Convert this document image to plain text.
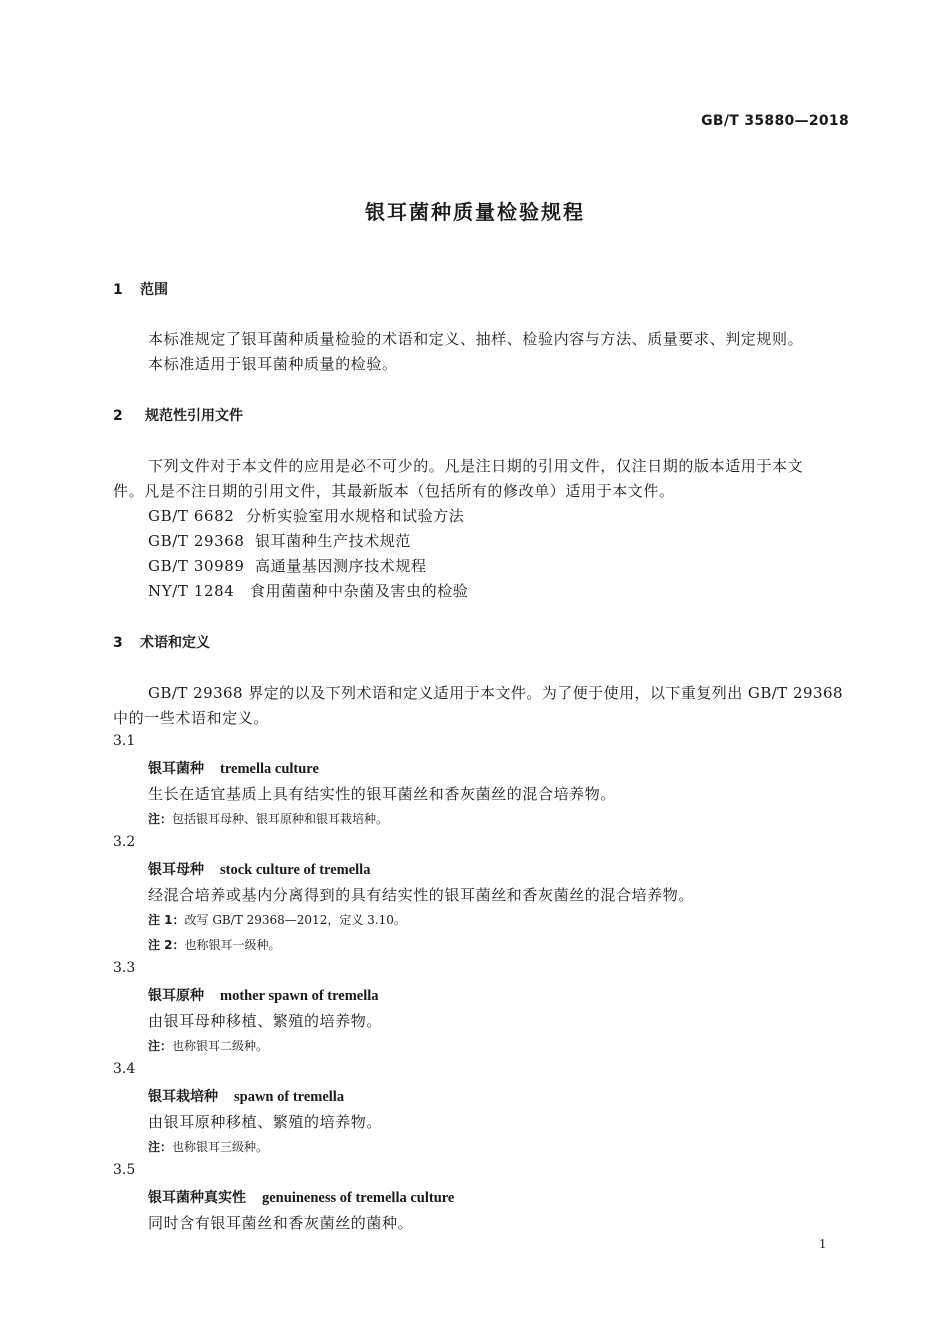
GB/T 35880—2018
银耳菌种质量检验规程
1 范围
本标准规定了银耳菌种质量检验的术语和定义、抽样、检验内容与方法、质量要求、判定规则。
本标准适用于银耳菌种质量的检验。
2 规范性引用文件
下列文件对于本文件的应用是必不可少的。凡是注日期的引用文件，仅注日期的版本适用于本文
件。凡是不注日期的引用文件，其最新版本（包括所有的修改单）适用于本文件。
GB/T 6682 分析实验室用水规格和试验方法
GB/T 29368 银耳菌种生产技术规范
GB/T 30989 高通量基因测序技术规程
NY/T 1284 食用菌菌种中杂菌及害虫的检验
3 术语和定义
GB/T 29368 界定的以及下列术语和定义适用于本文件。为了便于使用，以下重复列出 GB/T 29368
中的一些术语和定义。
3.1
银耳菌种 tremella culture
生长在适宜基质上具有结实性的银耳菌丝和香灰菌丝的混合培养物。
注：包括银耳母种、银耳原种和银耳栽培种。
3.2
银耳母种 stock culture of tremella
经混合培养或基内分离得到的具有结实性的银耳菌丝和香灰菌丝的混合培养物。
注 1：改写 GB/T 29368—2012，定义 3.10。
注 2：也称银耳一级种。
3.3
银耳原种 mother spawn of tremella
由银耳母种移植、繁殖的培养物。
注：也称银耳二级种。
3.4
银耳栽培种 spawn of tremella
由银耳原种移植、繁殖的培养物。
注：也称银耳三级种。
3.5
银耳菌种真实性 genuineness of tremella culture
同时含有银耳菌丝和香灰菌丝的菌种。
1
